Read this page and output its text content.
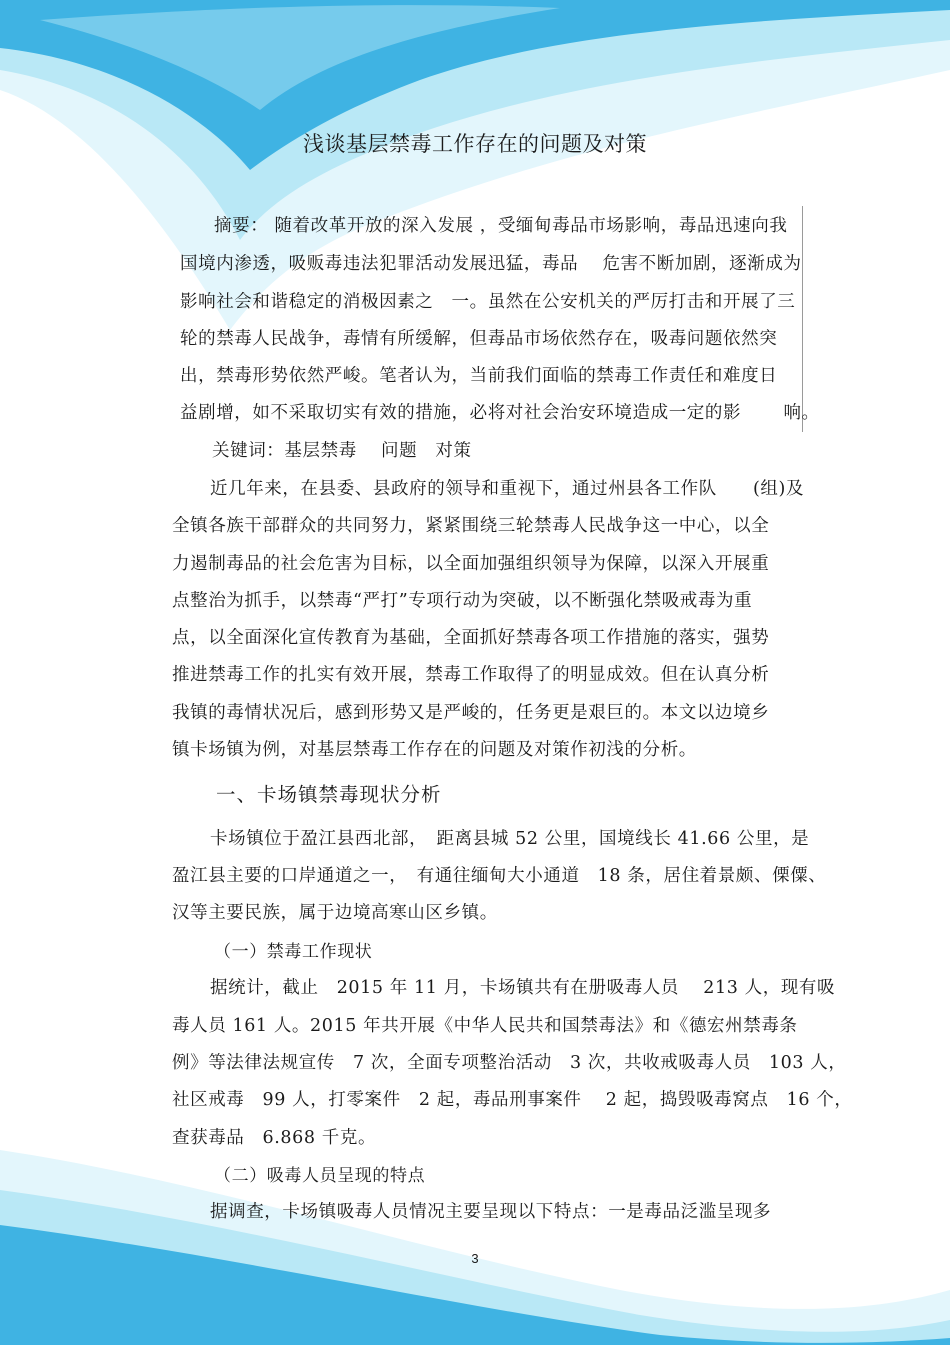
浅谈基层禁毒工作存在的问题及对策
摘要： 随着改革开放的深入发展 ，受缅甸毒品市场影响，毒品迅速向我
国境内渗透，吸贩毒违法犯罪活动发展迅猛，毒品　 危害不断加剧，逐渐成为
影响社会和谐稳定的消极因素之　一。虽然在公安机关的严厉打击和开展了三
轮的禁毒人民战争，毒情有所缓解，但毒品市场依然存在，吸毒问题依然突
出，禁毒形势依然严峻。笔者认为，当前我们面临的禁毒工作责任和难度日
益剧增，如不采取切实有效的措施，必将对社会治安环境造成一定的影　　 响。
关键词：基层禁毒　 问题　对策
近几年来，在县委、县政府的领导和重视下，通过州县各工作队　　(组)及
全镇各族干部群众的共同努力，紧紧围绕三轮禁毒人民战争这一中心，以全
力遏制毒品的社会危害为目标，以全面加强组织领导为保障，以深入开展重
点整治为抓手，以禁毒“严打”专项行动为突破，以不断强化禁吸戒毒为重
点，以全面深化宣传教育为基础，全面抓好禁毒各项工作措施的落实，强势
推进禁毒工作的扎实有效开展，禁毒工作取得了的明显成效。但在认真分析
我镇的毒情状况后，感到形势又是严峻的，任务更是艰巨的。本文以边境乡
镇卡场镇为例，对基层禁毒工作存在的问题及对策作初浅的分析。
一、卡场镇禁毒现状分析
卡场镇位于盈江县西北部，　距离县城 52 公里，国境线长 41.66 公里，是
盈江县主要的口岸通道之一，　有通往缅甸大小通道　18 条，居住着景颇、傈僳、
汉等主要民族，属于边境高寒山区乡镇。
（一）禁毒工作现状
据统计，截止　2015 年 11 月，卡场镇共有在册吸毒人员　 213 人，现有吸
毒人员 161 人。2015 年共开展《中华人民共和国禁毒法》和《德宏州禁毒条
例》等法律法规宣传　7 次，全面专项整治活动　3 次，共收戒吸毒人员　103 人，
社区戒毒　99 人，打零案件　2 起，毒品刑事案件　 2 起，捣毁吸毒窝点　16 个，
查获毒品　6.868 千克。
（二）吸毒人员呈现的特点
据调查，卡场镇吸毒人员情况主要呈现以下特点：一是毒品泛滥呈现多
3
